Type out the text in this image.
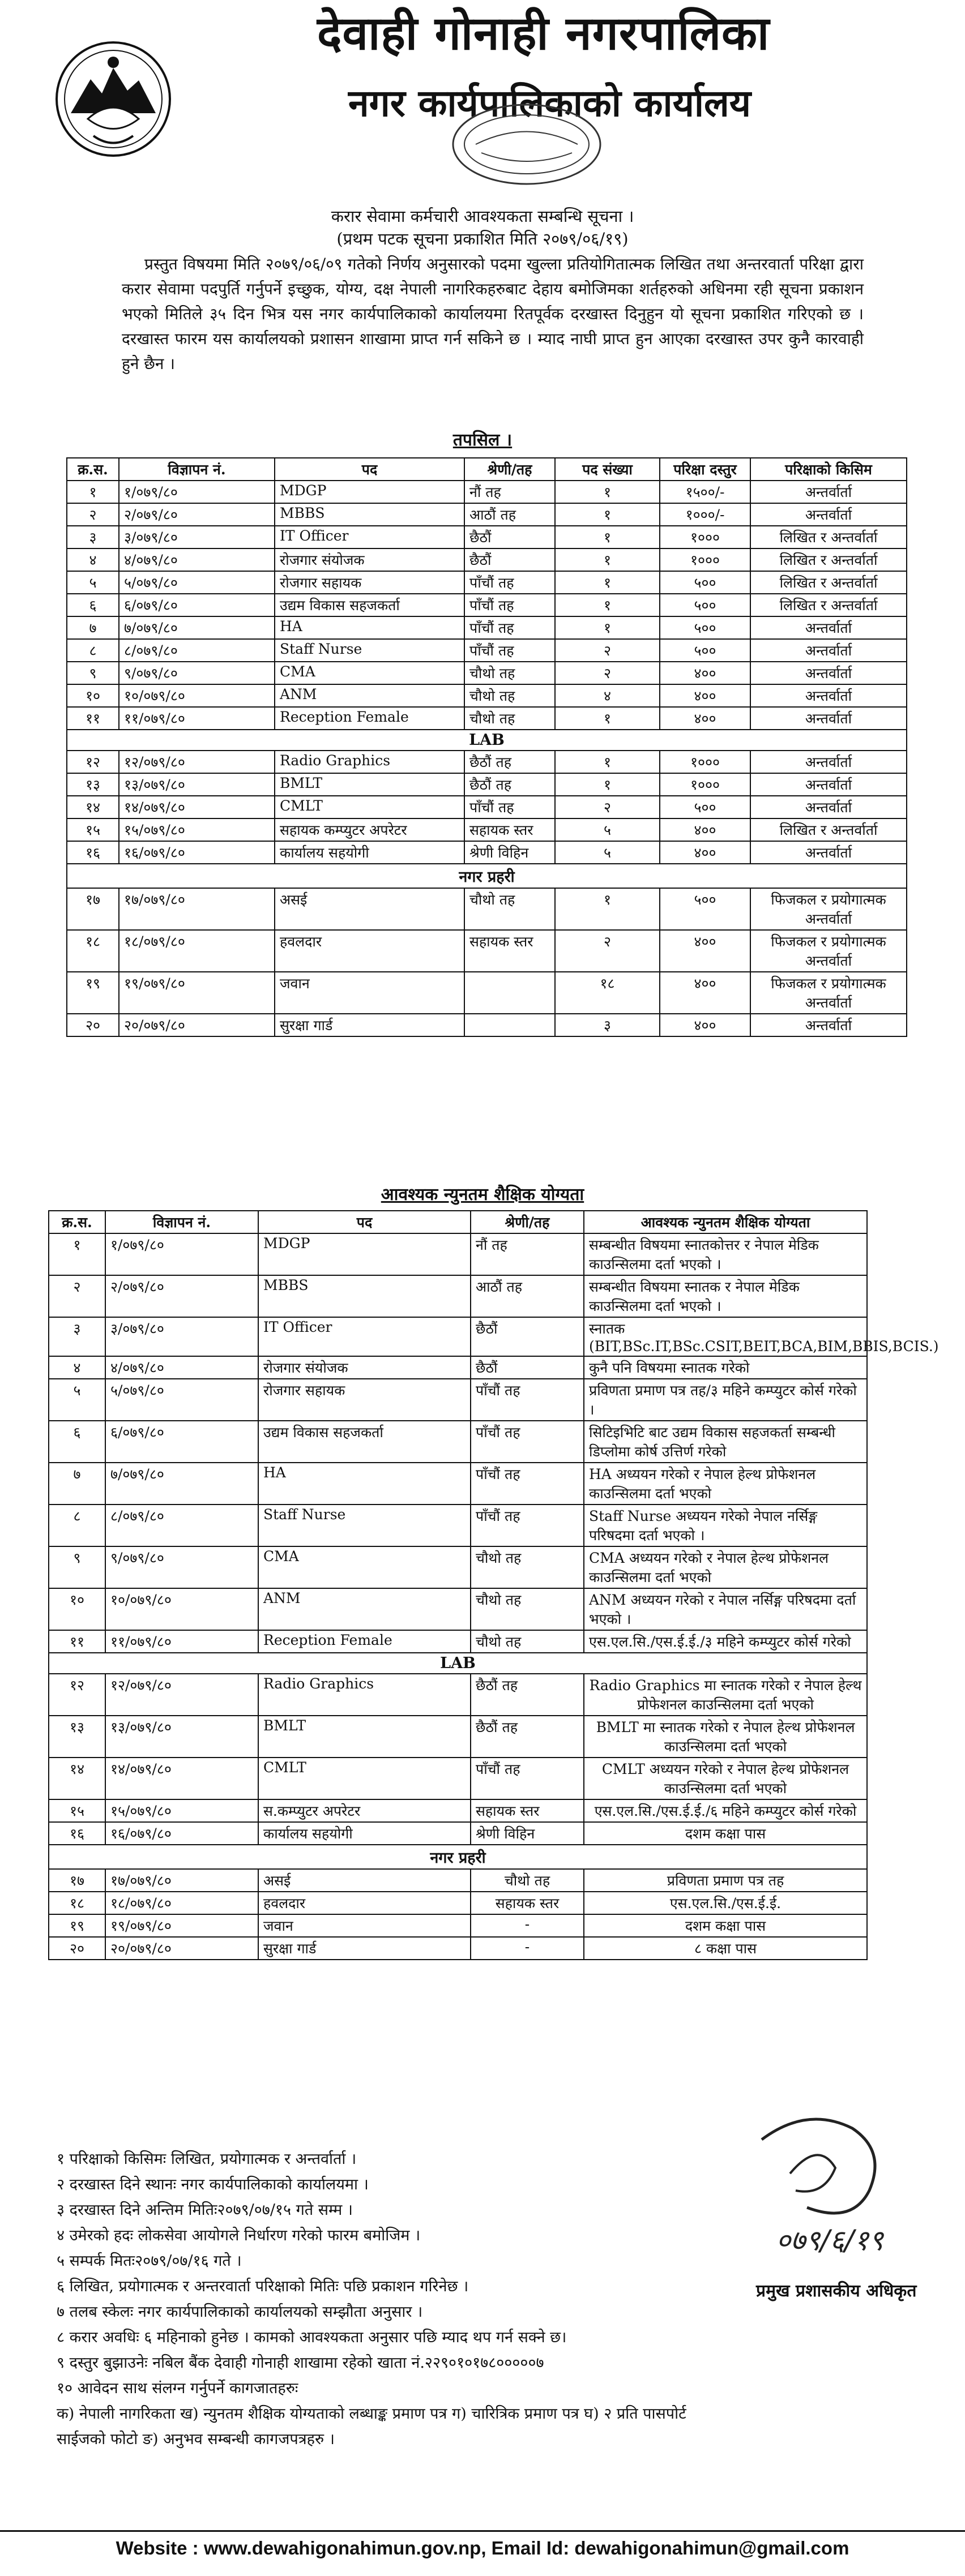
देवाही गोनाही नगरपालिका
नगर कार्यपालिकाको कार्यालय
करार सेवामा कर्मचारी आवश्यकता सम्बन्धि सूचना ।
(प्रथम पटक सूचना प्रकाशित मिति २०७९/०६/१९)
प्रस्तुत विषयमा मिति २०७९/०६/०९ गतेको निर्णय अनुसारको पदमा खुल्ला प्रतियोगितात्मक लिखित तथा अन्तरवार्ता परिक्षा द्वारा करार सेवामा पदपुर्ति गर्नुपर्ने इच्छुक, योग्य, दक्ष नेपाली नागरिकहरुबाट देहाय बमोजिमका शर्तहरुको अधिनमा रही सूचना प्रकाशन भएको मितिले ३५ दिन भित्र यस नगर कार्यपालिकाको कार्यालयमा रितपूर्वक दरखास्त दिनुहुन यो सूचना प्रकाशित गरिएको छ । दरखास्त फारम यस कार्यालयको प्रशासन शाखामा प्राप्त गर्न सकिने छ । म्याद नाघी प्राप्त हुन आएका दरखास्त उपर कुनै कारवाही हुने छैन ।
तपसिल ।
क्र.स.	विज्ञापन नं.	पद	श्रेणी/तह	पद संख्या	परिक्षा दस्तुर	परिक्षाको किसिम
१	१/०७९/८०	MDGP	नौं तह	१	१५००/-	अन्तर्वार्ता
२	२/०७९/८०	MBBS	आठौं तह	१	१०००/-	अन्तर्वार्ता
३	३/०७९/८०	IT Officer	छैठौं	१	१०००	लिखित र अन्तर्वार्ता
४	४/०७९/८०	रोजगार संयोजक	छैठौं	१	१०००	लिखित र अन्तर्वार्ता
५	५/०७९/८०	रोजगार सहायक	पाँचौं तह	१	५००	लिखित र अन्तर्वार्ता
६	६/०७९/८०	उद्यम विकास सहजकर्ता	पाँचौं तह	१	५००	लिखित र अन्तर्वार्ता
७	७/०७९/८०	HA	पाँचौं तह	१	५००	अन्तर्वार्ता
८	८/०७९/८०	Staff Nurse	पाँचौं तह	२	५००	अन्तर्वार्ता
९	९/०७९/८०	CMA	चौथो तह	२	४००	अन्तर्वार्ता
१०	१०/०७९/८०	ANM	चौथो तह	४	४००	अन्तर्वार्ता
११	११/०७९/८०	Reception Female	चौथो तह	१	४००	अन्तर्वार्ता
LAB						
१२	१२/०७९/८०	Radio Graphics	छैठौं तह	१	१०००	अन्तर्वार्ता
१३	१३/०७९/८०	BMLT	छैठौं तह	१	१०००	अन्तर्वार्ता
१४	१४/०७९/८०	CMLT	पाँचौं तह	२	५००	अन्तर्वार्ता
१५	१५/०७९/८०	सहायक कम्प्युटर अपरेटर	सहायक स्तर	५	४००	लिखित र अन्तर्वार्ता
१६	१६/०७९/८०	कार्यालय सहयोगी	श्रेणी विहिन	५	४००	अन्तर्वार्ता
नगर प्रहरी						
१७	१७/०७९/८०	असई	चौथो तह	१	५००	फिजकल र प्रयोगात्मक अन्तर्वार्ता
१८	१८/०७९/८०	हवलदार	सहायक स्तर	२	४००	फिजकल र प्रयोगात्मक अन्तर्वार्ता
१९	१९/०७९/८०	जवान		१८	४००	फिजकल र प्रयोगात्मक अन्तर्वार्ता
२०	२०/०७९/८०	सुरक्षा गार्ड		३	४००	अन्तर्वार्ता
आवश्यक न्युनतम शैक्षिक योग्यता
क्र.स.	विज्ञापन नं.	पद	श्रेणी/तह	आवश्यक न्युनतम शैक्षिक योग्यता
१	१/०७९/८०	MDGP	नौं तह	सम्बन्धीत विषयमा स्नातकोत्तर र नेपाल मेडिक काउन्सिलमा दर्ता भएको ।
२	२/०७९/८०	MBBS	आठौं तह	सम्बन्धीत विषयमा स्नातक र नेपाल मेडिक काउन्सिलमा दर्ता भएको ।
३	३/०७९/८०	IT Officer	छैठौं	स्नातक (BIT,BSc.IT,BSc.CSIT,BEIT,BCA,BIM,BBIS,BCIS.)
४	४/०७९/८०	रोजगार संयोजक	छैठौं	कुनै पनि विषयमा स्नातक गरेको
५	५/०७९/८०	रोजगार सहायक	पाँचौं तह	प्रविणता प्रमाण पत्र तह/३ महिने कम्प्युटर कोर्स गरेको ।
६	६/०७९/८०	उद्यम विकास सहजकर्ता	पाँचौं तह	सिटिइभिटि बाट उद्यम विकास सहजकर्ता सम्बन्धी डिप्लोमा कोर्ष उत्तिर्ण गरेको
७	७/०७९/८०	HA	पाँचौं तह	HA अध्ययन गरेको र नेपाल हेल्थ प्रोफेशनल काउन्सिलमा दर्ता भएको
८	८/०७९/८०	Staff Nurse	पाँचौं तह	Staff Nurse अध्ययन गरेको नेपाल नर्सिङ्ग परिषदमा दर्ता भएको ।
९	९/०७९/८०	CMA	चौथो तह	CMA अध्ययन गरेको र नेपाल हेल्थ प्रोफेशनल काउन्सिलमा दर्ता भएको
१०	१०/०७९/८०	ANM	चौथो तह	ANM अध्ययन गरेको र नेपाल नर्सिङ्ग परिषदमा दर्ता भएको ।
११	११/०७९/८०	Reception Female	चौथो तह	एस.एल.सि./एस.ई.ई./३ महिने कम्प्युटर कोर्स गरेको
LAB				
१२	१२/०७९/८०	Radio Graphics	छैठौं तह	Radio Graphics मा स्नातक गरेको र नेपाल हेल्थ प्रोफेशनल काउन्सिलमा दर्ता भएको
१३	१३/०७९/८०	BMLT	छैठौं तह	BMLT मा स्नातक गरेको र नेपाल हेल्थ प्रोफेशनल काउन्सिलमा दर्ता भएको
१४	१४/०७९/८०	CMLT	पाँचौं तह	CMLT अध्ययन गरेको र नेपाल हेल्थ प्रोफेशनल काउन्सिलमा दर्ता भएको
१५	१५/०७९/८०	स.कम्प्युटर अपरेटर	सहायक स्तर	एस.एल.सि./एस.ई.ई./६ महिने कम्प्युटर कोर्स गरेको
१६	१६/०७९/८०	कार्यालय सहयोगी	श्रेणी विहिन	दशम कक्षा पास
नगर प्रहरी				
१७	१७/०७९/८०	असई	चौथो तह	प्रविणता प्रमाण पत्र तह
१८	१८/०७९/८०	हवलदार	सहायक स्तर	एस.एल.सि./एस.ई.ई.
१९	१९/०७९/८०	जवान	-	दशम कक्षा पास
२०	२०/०७९/८०	सुरक्षा गार्ड	-	८ कक्षा पास
१ परिक्षाको किसिमः लिखित, प्रयोगात्मक र अन्तर्वार्ता ।
२ दरखास्त दिने स्थानः नगर कार्यपालिकाको कार्यालयमा ।
३ दरखास्त दिने अन्तिम मितिः२०७९/०७/१५ गते सम्म ।
४ उमेरको हदः लोकसेवा आयोगले निर्धारण गरेको फारम बमोजिम ।
५ सम्पर्क मितः२०७९/०७/१६ गते ।
६ लिखित, प्रयोगात्मक र अन्तरवार्ता परिक्षाको मितिः पछि प्रकाशन गरिनेछ ।
७ तलब स्केलः नगर कार्यपालिकाको कार्यालयको सम्झौता अनुसार ।
८ करार अवधिः ६ महिनाको हुनेछ । कामको आवश्यकता अनुसार पछि म्याद थप गर्न सक्ने छ।
९ दस्तुर बुझाउनेः नबिल बैंक देवाही गोनाही शाखामा रहेको खाता नं.२२९०१०१७८०००००७
१० आवेदन साथ संलग्न गर्नुपर्ने कागजातहरुः
क) नेपाली नागरिकता ख) न्युनतम शैक्षिक योग्यताको लब्धाङ्क प्रमाण पत्र ग) चारित्रिक प्रमाण पत्र घ) २ प्रति पासपोर्ट
साईजको फोटो ङ) अनुभव सम्बन्धी कागजपत्रहरु ।
०७९/६/१९
प्रमुख प्रशासकीय अधिकृत
Website : www.dewahigonahimun.gov.np, Email Id: dewahigonahimun@gmail.com
